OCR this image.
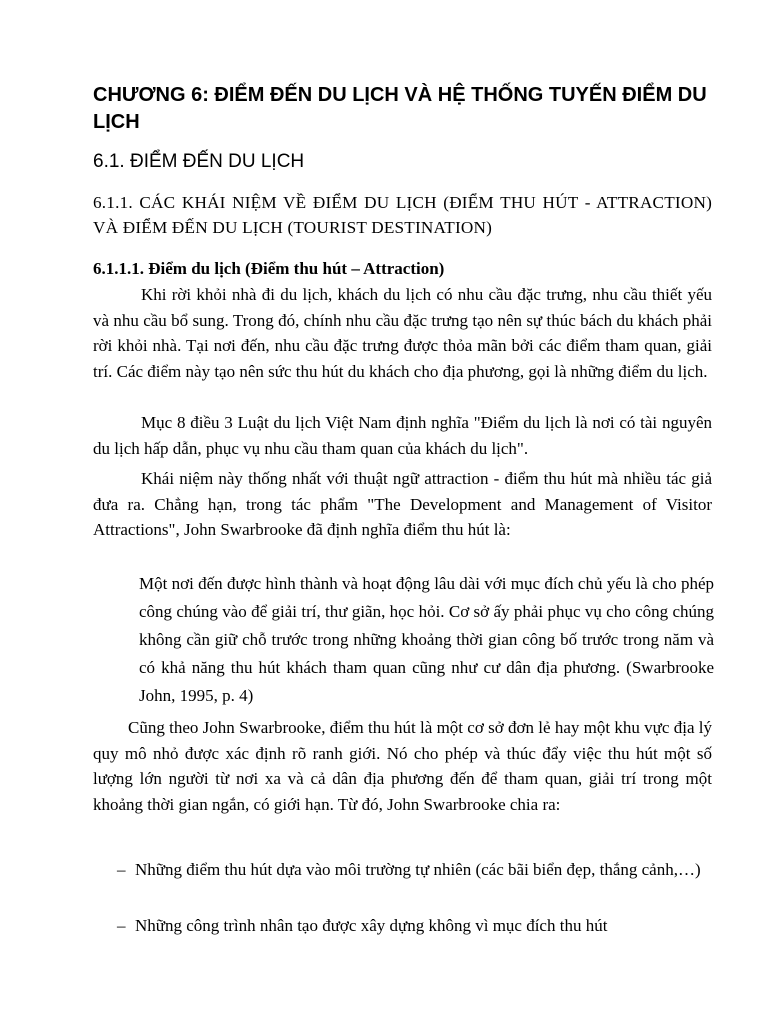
CHƯƠNG 6: ĐIỂM ĐẾN DU LỊCH VÀ HỆ THỐNG TUYẾN ĐIỂM DU LỊCH
6.1. ĐIỂM ĐẾN DU LỊCH
6.1.1. CÁC KHÁI NIỆM VỀ ĐIỂM DU LỊCH (ĐIỂM THU HÚT - ATTRACTION) VÀ ĐIỂM ĐẾN DU LỊCH (TOURIST DESTINATION)
6.1.1.1. Điểm du lịch (Điểm thu hút – Attraction)

Khi rời khỏi nhà đi du lịch, khách du lịch có nhu cầu đặc trưng, nhu cầu thiết yếu và nhu cầu bổ sung. Trong đó, chính nhu cầu đặc trưng tạo nên sự thúc bách du khách phải rời khỏi nhà. Tại nơi đến, nhu cầu đặc trưng được thỏa mãn bởi các điểm tham quan, giải trí. Các điểm này tạo nên sức thu hút du khách cho địa phương, gọi là những điểm du lịch.

Mục 8 điều 3 Luật du lịch Việt Nam định nghĩa "Điểm du lịch là nơi có tài nguyên du lịch hấp dẫn, phục vụ nhu cầu tham quan của khách du lịch".

Khái niệm này thống nhất với thuật ngữ attraction - điểm thu hút mà nhiều tác giả đưa ra. Chẳng hạn, trong tác phẩm "The Development and Management of Visitor Attractions", John Swarbrooke đã định nghĩa điểm thu hút là:

Một nơi đến được hình thành và hoạt động lâu dài với mục đích chủ yếu là cho phép công chúng vào để giải trí, thư giãn, học hỏi. Cơ sở ấy phải phục vụ cho công chúng không cần giữ chỗ trước trong những khoảng thời gian công bố trước trong năm và có khả năng thu hút khách tham quan cũng như cư dân địa phương. (Swarbrooke John, 1995, p. 4)

Cũng theo John Swarbrooke, điểm thu hút là một cơ sở đơn lẻ hay một khu vực địa lý quy mô nhỏ được xác định rõ ranh giới. Nó cho phép và thúc đẩy việc thu hút một số lượng lớn người từ nơi xa và cả dân địa phương đến để tham quan, giải trí trong một khoảng thời gian ngắn, có giới hạn. Từ đó, John Swarbrooke chia ra:

– Những điểm thu hút dựa vào môi trường tự nhiên (các bãi biển đẹp, thắng cảnh,…)
– Những công trình nhân tạo được xây dựng không vì mục đích thu hút
